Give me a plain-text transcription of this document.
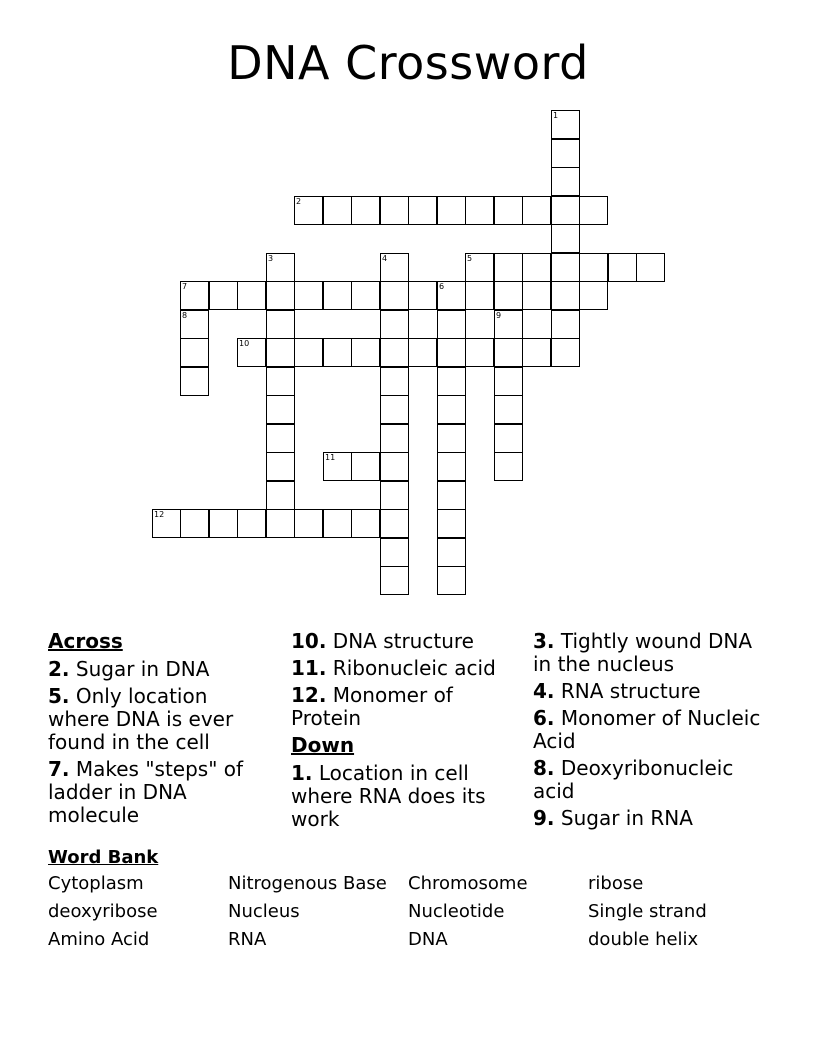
DNA Crossword
2
5
7	6
10
11
12
1
3	4
8	9
Across
2. Sugar in DNA
5. Only location where DNA is ever found in the cell
7. Makes "steps" of ladder in DNA molecule
10. DNA structure
11. Ribonucleic acid
12. Monomer of Protein
Down
1. Location in cell where RNA does its work
3. Tightly wound DNA in the nucleus
4. RNA structure
6. Monomer of Nucleic Acid
8. Deoxyribonucleic acid
9. Sugar in RNA
Word Bank
Cytoplasm	Nitrogenous Base	Chromosome	ribose
deoxyribose	Nucleus	Nucleotide	Single strand
Amino Acid	RNA	DNA	double helix
